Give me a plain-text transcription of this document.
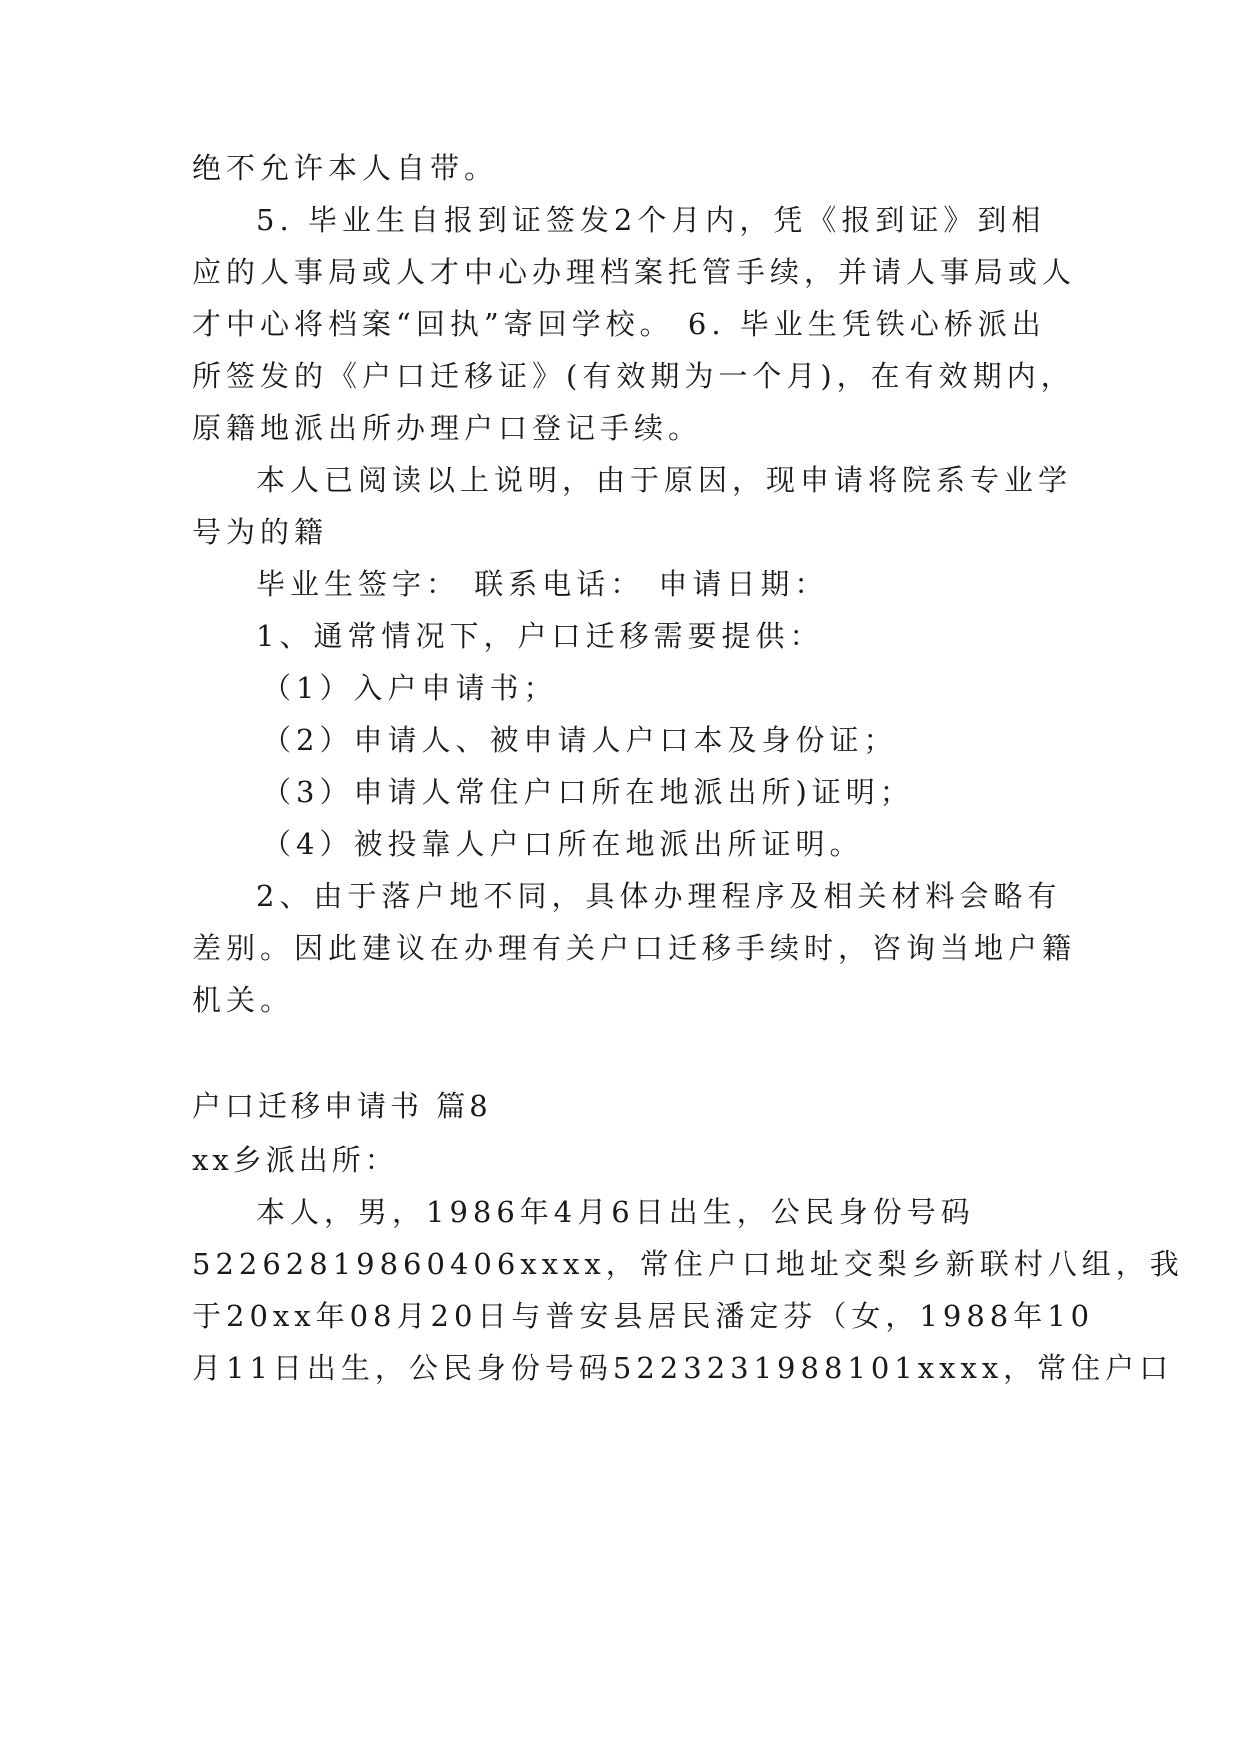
绝不允许本人自带。
5. 毕业生自报到证签发2个月内，凭《报到证》到相
应的人事局或人才中心办理档案托管手续，并请人事局或人
才中心将档案“回执”寄回学校。 6. 毕业生凭铁心桥派出
所签发的《户口迁移证》(有效期为一个月)，在有效期内，
原籍地派出所办理户口登记手续。
本人已阅读以上说明，由于原因，现申请将院系专业学
号为的籍
毕业生签字： 联系电话： 申请日期：
1、通常情况下，户口迁移需要提供：
（1）入户申请书；
（2）申请人、被申请人户口本及身份证；
（3）申请人常住户口所在地派出所)证明；
（4）被投靠人户口所在地派出所证明。
2、由于落户地不同，具体办理程序及相关材料会略有
差别。因此建议在办理有关户口迁移手续时，咨询当地户籍
机关。
户口迁移申请书 篇8
xx乡派出所：
本人，男，1986年4月6日出生，公民身份号码
52262819860406xxxx，常住户口地址交梨乡新联村八组，我
于20xx年08月20日与普安县居民潘定芬（女，1988年10
月11日出生，公民身份号码5223231988101xxxx，常住户口
